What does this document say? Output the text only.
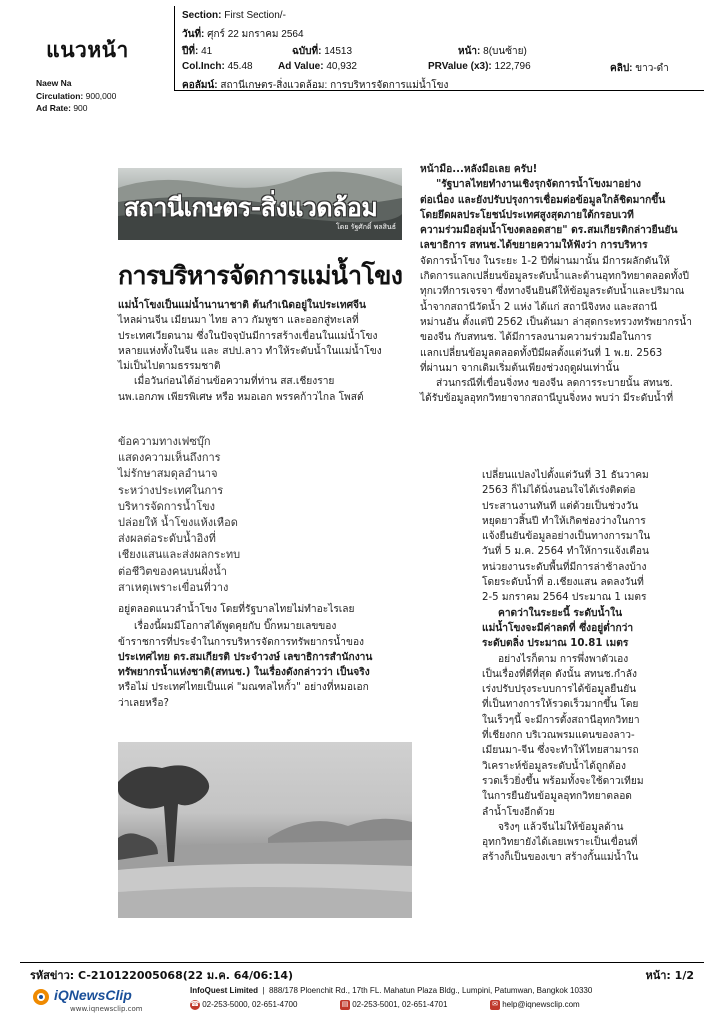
แนวหน้า
Naew Na
Circulation: 900,000
Ad Rate: 900
Section: First Section/-
วันที่: ศุกร์ 22 มกราคม 2564
ปีที่: 41	ฉบับที่: 14513	หน้า: 8(บนซ้าย)
Col.Inch: 45.48	Ad Value: 40,932	PRValue (x3): 122,796	คลิป: ขาว-ดำ
คอลัมน์: สถานีเกษตร-สิ่งแวดล้อม: การบริหารจัดการแม่น้ำโขง
สถานีเกษตร-สิ่งแวดล้อม
โดย รัฐศักดิ์ พลสินธ์
การบริหารจัดการแม่น้ำโขง

แม่น้ำโขงเป็นแม่น้ำนานาชาติ ต้นกำเนิดอยู่ในประเทศจีน
ไหลผ่านจีน เมียนมา ไทย ลาว กัมพูชา และออกสู่ทะเลที่
ประเทศเวียดนาม ซึ่งในปัจจุบันมีการสร้างเขื่อนในแม่น้ำโขง
หลายแห่งทั้งในจีน และ สปป.ลาว ทำให้ระดับน้ำในแม่น้ำโขง
ไม่เป็นไปตามธรรมชาติ

เมื่อวันก่อนได้อ่านข้อความที่ท่าน สส.เชียงราย
นพ.เอกภพ เพียรพิเศษ หรือ หมอเอก พรรคก้าวไกล โพสต์

ข้อความทางเฟซบุ๊ก
แสดงความเห็นถึงการ
ไม่รักษาสมดุลอำนาจ
ระหว่างประเทศในการ
บริหารจัดการน้ำโขง
ปล่อยให้ น้ำโขงแห้งเหือด
ส่งผลต่อระดับน้ำอิงที่
เชียงแสนและส่งผลกระทบ
ต่อชีวิตของคนบนฝั่งน้ำ
สาเหตุเพราะเขื่อนที่วาง

อยู่ตลอดแนวลำน้ำโขง โดยที่รัฐบาลไทยไม่ทำอะไรเลย

เรื่องนี้ผมมีโอกาสได้พูดคุยกับ บิ๊กหมายเลขของ
ข้าราชการที่ประจำในการบริหารจัดการทรัพยากรน้ำของ
ประเทศไทย ดร.สมเกียรติ ประจำวงษ์ เลขาธิการสำนักงาน
ทรัพยากรน้ำแห่งชาติ(สทนช.) ในเรื่องดังกล่าวว่า เป็นจริง
หรือไม่ ประเทศไทยเป็นแค่ "มณฑลไหกั้ว" อย่างที่หมอเอก
ว่าเลยหรือ?

หน้ามือ...หลังมือเลย ครับ!

"รัฐบาลไทยทำงานเชิงรุกจัดการน้ำโขงมาอย่าง
ต่อเนื่อง และยังปรับปรุงการเชื่อมต่อข้อมูลใกล้ชิดมากขึ้น
โดยยึดผลประโยชน์ประเทศสูงสุดภายใต้กรอบเวที
ความร่วมมือลุ่มน้ำโขงตลอดสาย" ดร.สมเกียรติกล่าวยืนยัน
เลขาธิการ สทนช.ได้ขยายความให้ฟังว่า การบริหาร
จัดการน้ำโขง ในระยะ 1-2 ปีที่ผ่านมานั้น มีการผลักดันให้
เกิดการแลกเปลี่ยนข้อมูลระดับน้ำและด้านอุทกวิทยาตลอดทั้งปี
ทุกเวทีการเจรจา ซึ่งทางจีนยินดีให้ข้อมูลระดับน้ำและปริมาณ
น้ำจากสถานีวัดน้ำ 2 แห่ง ได้แก่ สถานีจิงหง และสถานี
หม่านอัน ตั้งแต่ปี 2562 เป็นต้นมา ล่าสุดกระทรวงทรัพยากรน้ำ
ของจีน กับสทนช. ได้มีการลงนามความร่วมมือในการ
แลกเปลี่ยนข้อมูลตลอดทั้งปีมีผลตั้งแต่วันที่ 1 พ.ย. 2563
ที่ผ่านมา จากเดิมเริ่มต้นเพียงช่วงฤดูฝนเท่านั้น

ส่วนกรณีที่เขื่อนจิ่งหง ของจีน ลดการระบายนั้น สทนช.
ได้รับข้อมูลอุทกวิทยาจากสถานีบูนจิ่งหง พบว่า มีระดับน้ำที่

เปลี่ยนแปลงไปตั้งแต่วันที่ 31 ธันวาคม
2563 ก็ไม่ได้นิ่งนอนใจได้เร่งติดต่อ
ประสานงานทันที แต่ด้วยเป็นช่วงวัน
หยุดยาวสิ้นปี ทำให้เกิดช่องว่างในการ
แจ้งยืนยันข้อมูลอย่างเป็นทางการมาใน
วันที่ 5 ม.ค. 2564 ทำให้การแจ้งเตือน
หน่วยงานระดับพื้นที่มีการล่าช้าลงบ้าง
โดยระดับน้ำที่ อ.เชียงแสน ลดลงวันที่
2-5 มกราคม 2564 ประมาณ 1 เมตร

คาดว่าในระยะนี้ ระดับน้ำใน
แม่น้ำโขงจะมีค่าลดที่ ซึ่งอยู่ต่ำกว่า
ระดับตลิ่ง ประมาณ 10.81 เมตร

อย่างไรก็ตาม การพึ่งพาตัวเอง
เป็นเรื่องที่ดีที่สุด ดังนั้น สทนช.กำลัง
เร่งปรับปรุงระบบการได้ข้อมูลยืนยัน
ที่เป็นทางการให้รวดเร็วมากขึ้น โดย
ในเร็วๆนี้ จะมีการตั้งสถานีอุทกวิทยา
ที่เชียงกก บริเวณพรมแดนของลาว-
เมียนมา-จีน ซึ่งจะทำให้ไทยสามารถ
วิเคราะห์ข้อมูลระดับน้ำได้ถูกต้อง
รวดเร็วยิ่งขึ้น พร้อมทั้งจะใช้ดาวเทียม
ในการยืนยันข้อมูลอุทกวิทยาตลอด
ลำน้ำโขงอีกด้วย

จริงๆ แล้วจีนไม่ให้ข้อมูลด้าน
อุทกวิทยายังได้เลยเพราะเป็นเขื่อนที่
สร้างก็เป็นของเขา สร้างกั้นแม่น้ำใน

รหัสข่าว: C-210122005068(22 ม.ค. 64/06:14)	หน้า: 1/2
iQNewsClip
www.iqnewsclip.com
InfoQuest Limited  |  888/178 Ploenchit Rd., 17th FL. Mahatun Plaza Bldg., Lumpini, Patumwan, Bangkok 10330
☎ 02-253-5000, 02-651-4700	▤ 02-253-5001, 02-651-4701	✉ help@iqnewsclip.com
